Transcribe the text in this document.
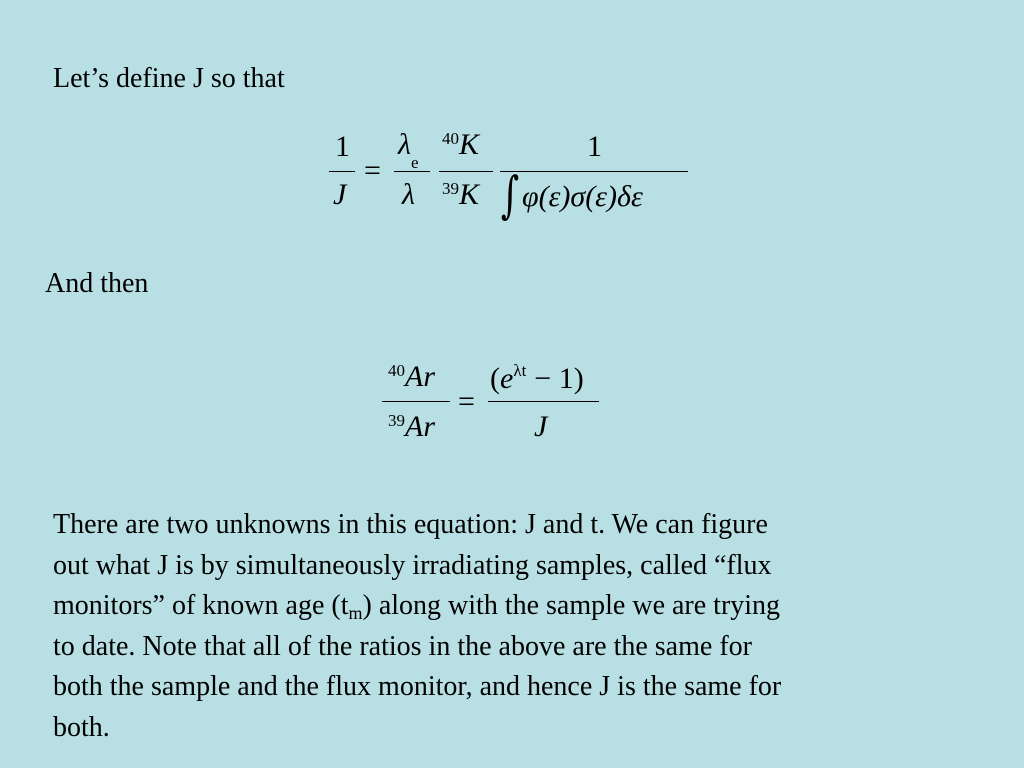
Let’s define J so that
1
J
=
$\lambda_e$
λ
$^{40}$K
$^{39}$K
1
∫ φ(ε)σ(ε)δε
And then
$^{40}$Ar
$^{39}$Ar
=
$(e^{\lambda t} - 1)$
J

There are two unknowns in this equation: J and t. We can figure

out what J is by simultaneously irradiating samples, called “flux

monitors” of known age $(t_m)$ along with the sample we are trying

to date. Note that all of the ratios in the above are the same for

both the sample and the flux monitor, and hence J is the same for

both.
